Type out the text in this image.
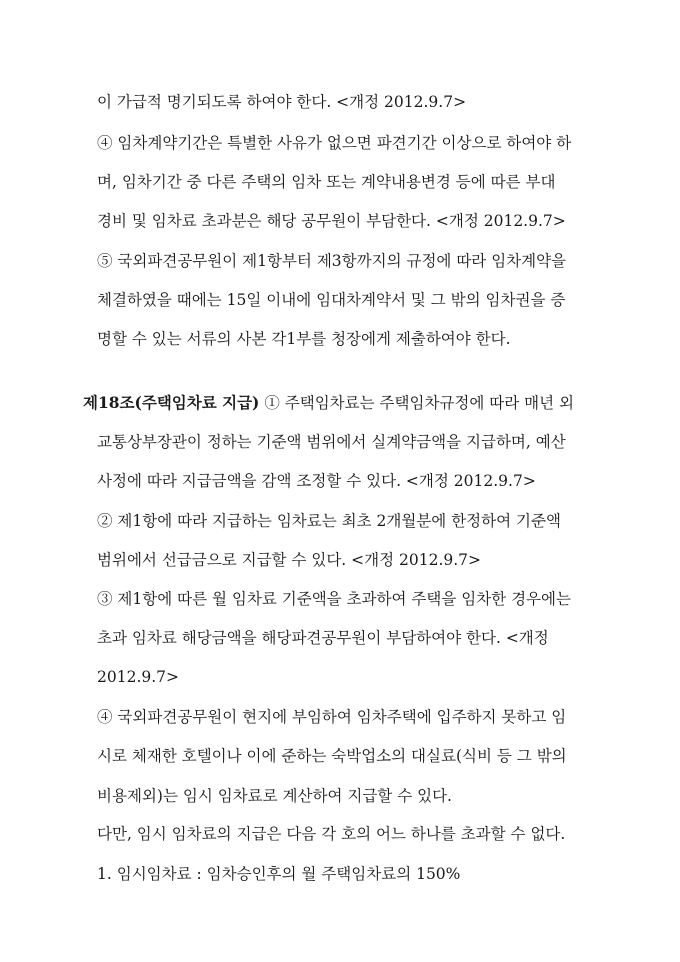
이 가급적 명기되도록 하여야 한다. <개정 2012.9.7>
④ 임차계약기간은 특별한 사유가 없으면 파견기간 이상으로 하여야 하
며, 임차기간 중 다른 주택의 임차 또는 계약내용변경 등에 따른 부대
경비 및 임차료 초과분은 해당 공무원이 부담한다. <개정 2012.9.7>
⑤ 국외파견공무원이 제1항부터 제3항까지의 규정에 따라 임차계약을
체결하였을 때에는 15일 이내에 임대차계약서 및 그 밖의 임차권을 증
명할 수 있는 서류의 사본 각1부를 청장에게 제출하여야 한다.
제18조(주택임차료 지급) ① 주택임차료는 주택임차규정에 따라 매년 외
교통상부장관이 정하는 기준액 범위에서 실계약금액을 지급하며, 예산
사정에 따라 지급금액을 감액 조정할 수 있다. <개정 2012.9.7>
② 제1항에 따라 지급하는 임차료는 최초 2개월분에 한정하여 기준액
범위에서 선급금으로 지급할 수 있다. <개정 2012.9.7>
③ 제1항에 따른 월 임차료 기준액을 초과하여 주택을 임차한 경우에는
초과 임차료 해당금액을 해당파견공무원이 부담하여야 한다. <개정
2012.9.7>
④ 국외파견공무원이 현지에 부임하여 임차주택에 입주하지 못하고 임
시로 체재한 호텔이나 이에 준하는 숙박업소의 대실료(식비 등 그 밖의
비용제외)는 임시 임차료로 계산하여 지급할 수 있다.
다만, 임시 임차료의 지급은 다음 각 호의 어느 하나를 초과할 수 없다.
1. 임시임차료 : 임차승인후의 월 주택임차료의 150%
